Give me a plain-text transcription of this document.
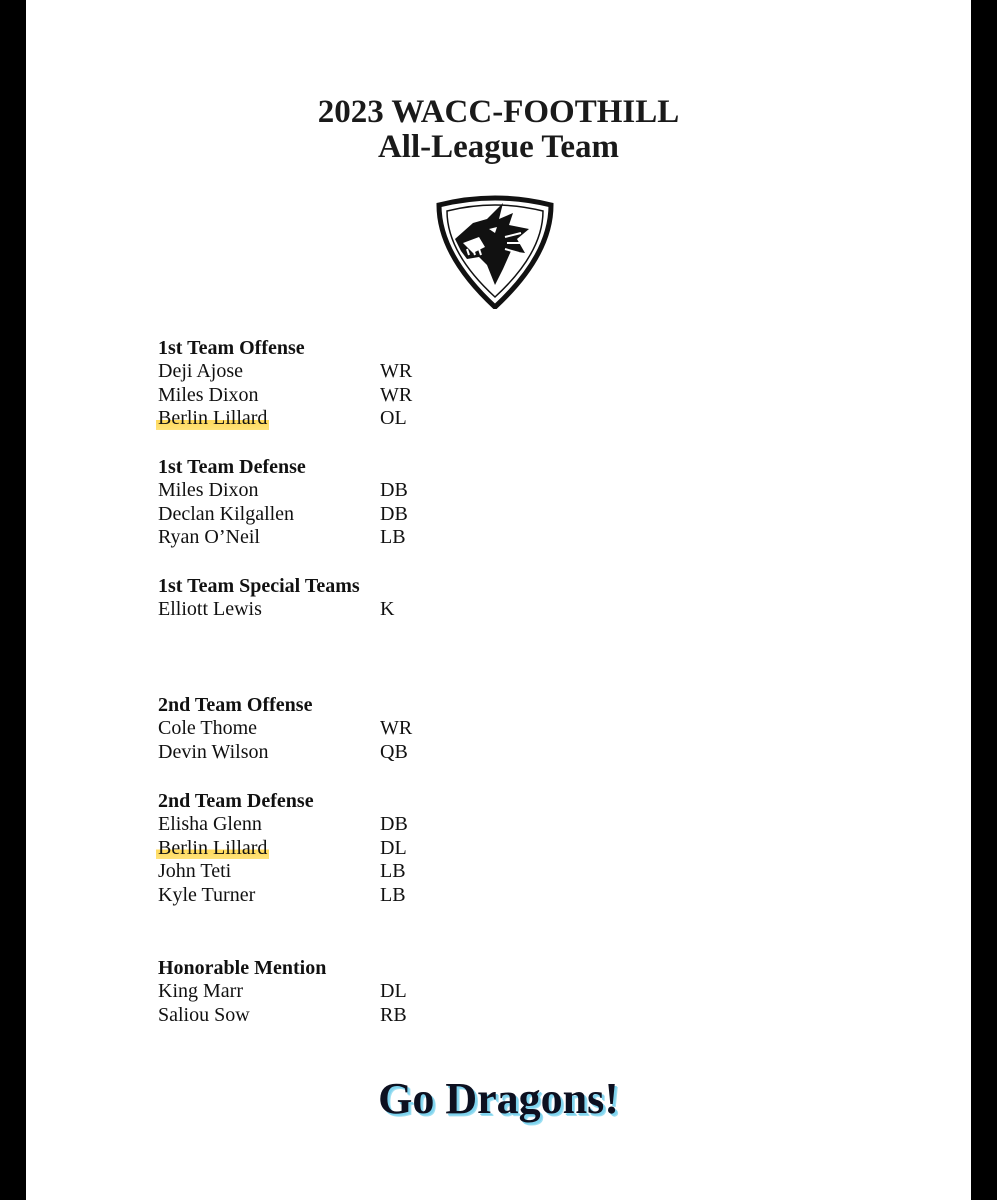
2023 WACC-FOOTHILL
All-League Team
1st Team Offense
Deji Ajose	WR
Miles Dixon	WR
Berlin Lillard	OL
1st Team Defense
Miles Dixon	DB
Declan Kilgallen	DB
Ryan O’Neil	LB
1st Team Special Teams
Elliott Lewis	K
2nd Team Offense
Cole Thome	WR
Devin Wilson	QB
2nd Team Defense
Elisha Glenn	DB
Berlin Lillard	DL
John Teti	LB
Kyle Turner	LB
Honorable Mention
King Marr	DL
Saliou Sow	RB
Go Dragons!
